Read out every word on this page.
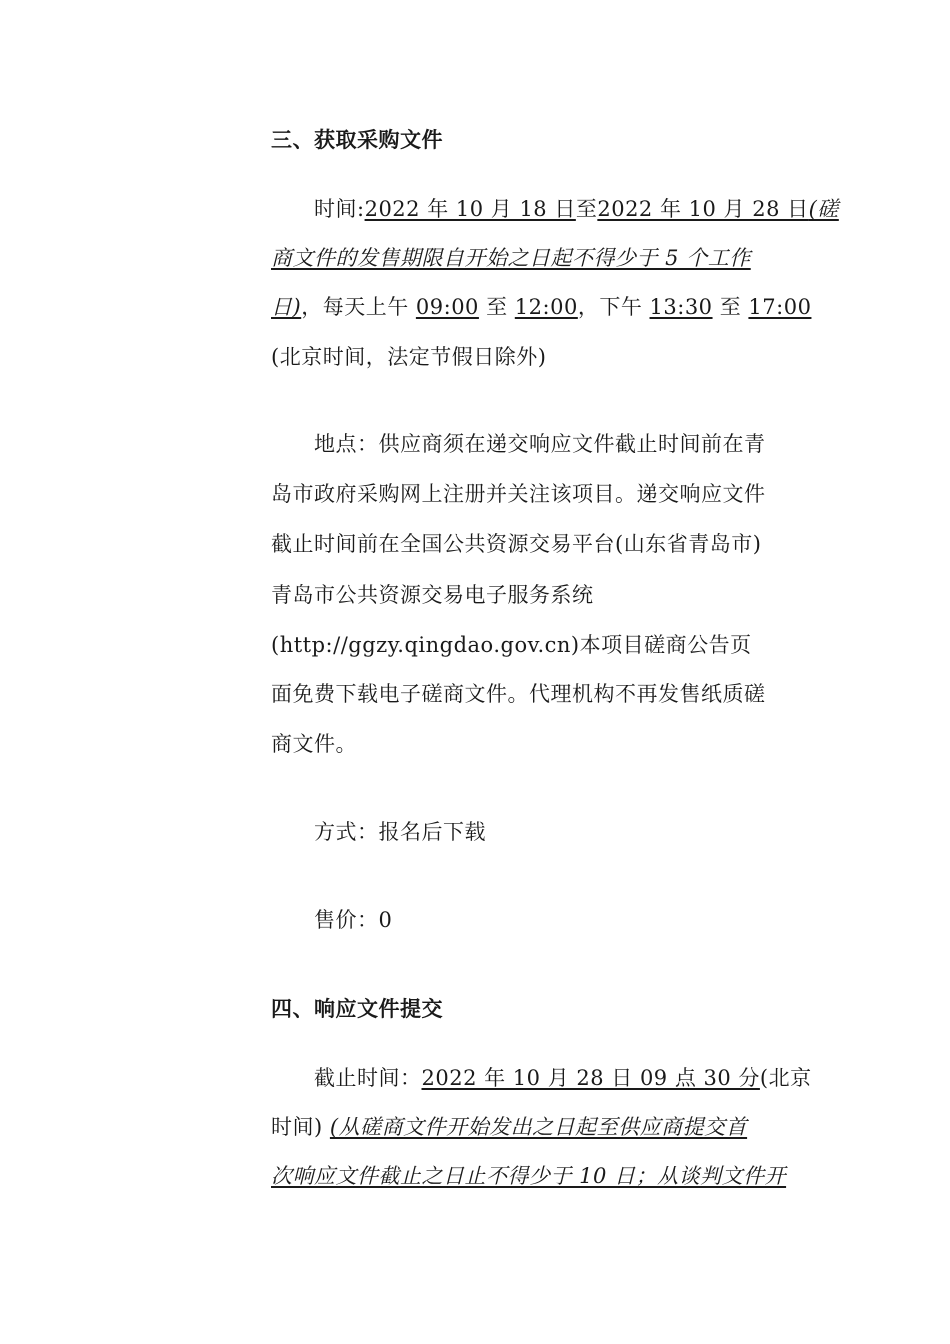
三、获取采购文件
时间:2022 年 10 月 18 日至2022 年 10 月 28 日(磋
商文件的发售期限自开始之日起不得少于 5 个工作
日)，每天上午 09:00 至 12:00，下午 13:30 至 17:00
(北京时间，法定节假日除外)
地点：供应商须在递交响应文件截止时间前在青
岛市政府采购网上注册并关注该项目。递交响应文件
截止时间前在全国公共资源交易平台(山东省青岛市)
青岛市公共资源交易电子服务系统
(http://ggzy.qingdao.gov.cn)本项目磋商公告页
面免费下载电子磋商文件。代理机构不再发售纸质磋
商文件。
方式：报名后下载
售价：0
四、响应文件提交
截止时间：2022 年 10 月 28 日 09 点 30 分(北京
时间) (从磋商文件开始发出之日起至供应商提交首
次响应文件截止之日止不得少于 10 日；从谈判文件开
